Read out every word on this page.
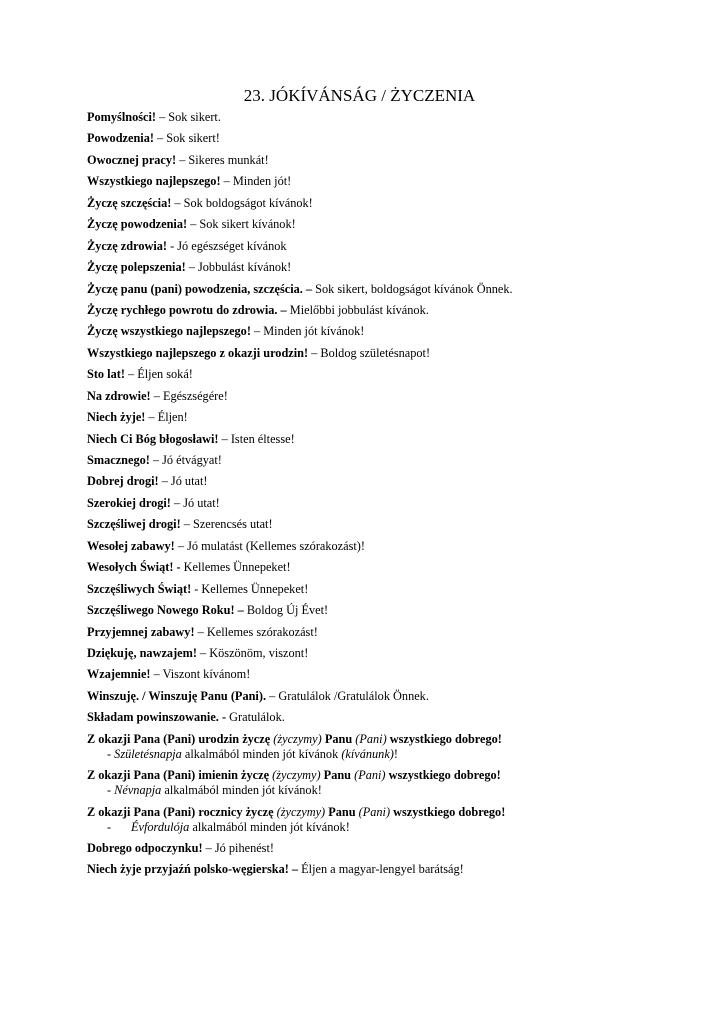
23. JÓKÍVÁNSÁG / ŻYCZENIA
Pomyślności! – Sok sikert.
Powodzenia! – Sok sikert!
Owocznej pracy! – Sikeres munkát!
Wszystkiego najlepszego! – Minden jót!
Życzę szczęścia! – Sok boldogságot kívánok!
Życzę powodzenia! – Sok sikert kívánok!
Życzę zdrowia! - Jó egészséget kívánok
Życzę polepszenia! – Jobbulást kívánok!
Życzę panu (pani) powodzenia, szczęścia. – Sok sikert, boldogságot kívánok Önnek.
Życzę rychłego powrotu do zdrowia. – Mielőbbi jobbulást kívánok.
Życzę wszystkiego najlepszego! – Minden jót kívánok!
Wszystkiego najlepszego z okazji urodzin! – Boldog születésnapot!
Sto lat! – Éljen soká!
Na zdrowie! – Egészségére!
Niech żyje! – Éljen!
Niech Ci Bóg błogosławi! – Isten éltesse!
Smacznego! – Jó étvágyat!
Dobrej drogi! – Jó utat!
Szerokiej drogi! – Jó utat!
Szczęśliwej drogi! – Szerencsés utat!
Wesołej zabawy! – Jó mulatást (Kellemes szórakozást)!
Wesołych Świąt! - Kellemes Ünnepeket!
Szczęśliwych Świąt! - Kellemes Ünnepeket!
Szczęśliwego Nowego Roku! – Boldog Új Évet!
Przyjemnej zabawy! – Kellemes szórakozást!
Dziękuję, nawzajem! – Köszönöm, viszont!
Wzajemnie! – Viszont kívánom!
Winszuję. / Winszuję Panu (Pani). – Gratulálok /Gratulálok Önnek.
Składam powinszowanie. - Gratulálok.
Z okazji Pana (Pani) urodzin życzę (życzymy) Panu (Pani) wszystkiego dobrego!
- Születésnapja alkalmából minden jót kívánok (kívánunk)!
Z okazji Pana (Pani) imienin życzę (życzymy) Panu (Pani) wszystkiego dobrego!
- Névnapja alkalmából minden jót kívánok!
Z okazji Pana (Pani) rocznicy życzę (życzymy) Panu (Pani) wszystkiego dobrego!
- Évfordulója alkalmából minden jót kívánok!
Dobrego odpoczynku! – Jó pihenést!
Niech żyje przyjaźń polsko-węgierska! – Éljen a magyar-lengyel barátság!
